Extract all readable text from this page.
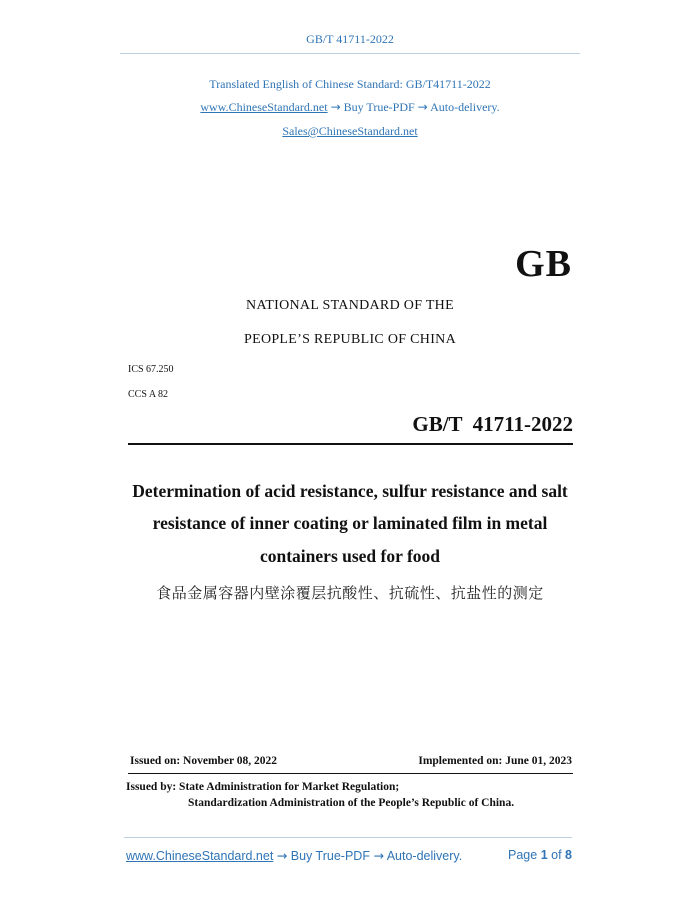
GB/T 41711-2022
Translated English of Chinese Standard: GB/T41711-2022
www.ChineseStandard.net → Buy True-PDF → Auto-delivery.
Sales@ChineseStandard.net
GB
NATIONAL STANDARD OF THE
PEOPLE’S REPUBLIC OF CHINA
ICS 67.250
CCS A 82
GB/T  41711-2022
Determination of acid resistance, sulfur resistance and salt
resistance of inner coating or laminated film in metal
containers used for food
食品金属容器内壁涂覆层抗酸性、抗硫性、抗盐性的测定
Issued on: November 08, 2022	Implemented on: June 01, 2023
Issued by: State Administration for Market Regulation;
Standardization Administration of the People’s Republic of China.
www.ChineseStandard.net → Buy True-PDF → Auto-delivery.	Page 1 of 8
